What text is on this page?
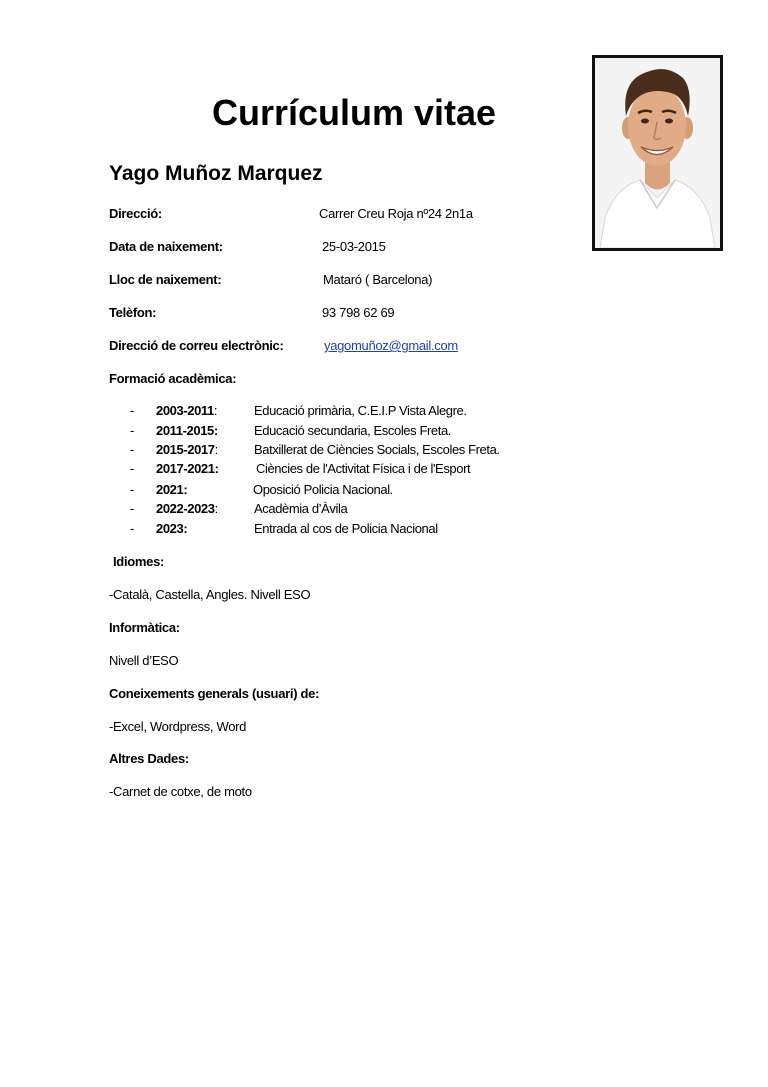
Currículum vitae
Yago Muñoz Marquez
Direcció:	Carrer Creu Roja nº24 2n1a
Data de naixement:	25-03-2015
Lloc de naixement:	Mataró ( Barcelona)
Telèfon:	93 798 62 69
Direcció de correu electrònic:	yagomuñoz@gmail.com
Formació acadèmica:
- 2003-2011:	Educació primària, C.E.I.P Vista Alegre.
- 2011-2015:	Educació secundaria, Escoles Freta.
- 2015-2017:	Batxillerat de Ciències Socials, Escoles Freta.
- 2017-2021:	Ciències de l'Activitat Física i de l'Esport
- 2021:	Oposició Policia Nacional.
- 2022-2023:	Acadèmia d’Àvila
- 2023:	Entrada al cos de Policia Nacional
Idiomes:
-Català, Castella, Angles. Nivell ESO
Informàtica:
Nivell d’ESO
Coneixements generals (usuari) de:
-Excel, Wordpress, Word
Altres Dades:
-Carnet de cotxe, de moto
